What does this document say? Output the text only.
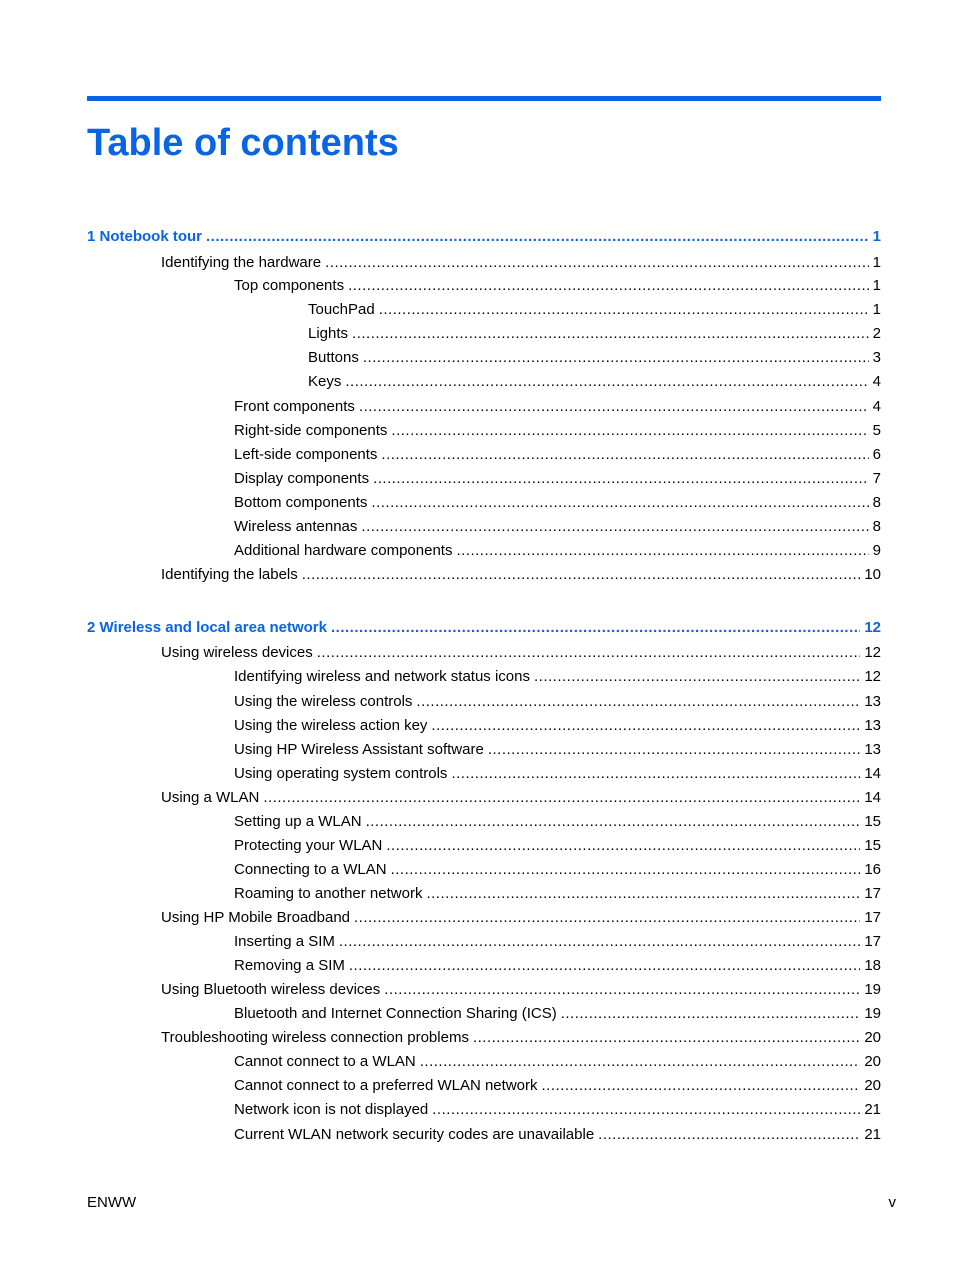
Table of contents
1 Notebook tour .....	1
Identifying the hardware .....	1
Top components .....	1
TouchPad .....	1
Lights .....	2
Buttons .....	3
Keys .....	4
Front components .....	4
Right-side components .....	5
Left-side components .....	6
Display components .....	7
Bottom components .....	8
Wireless antennas .....	8
Additional hardware components .....	9
Identifying the labels .....	10
2 Wireless and local area network .....	12
Using wireless devices .....	12
Identifying wireless and network status icons .....	12
Using the wireless controls .....	13
Using the wireless action key .....	13
Using HP Wireless Assistant software .....	13
Using operating system controls .....	14
Using a WLAN .....	14
Setting up a WLAN .....	15
Protecting your WLAN .....	15
Connecting to a WLAN .....	16
Roaming to another network .....	17
Using HP Mobile Broadband .....	17
Inserting a SIM .....	17
Removing a SIM .....	18
Using Bluetooth wireless devices .....	19
Bluetooth and Internet Connection Sharing (ICS) .....	19
Troubleshooting wireless connection problems .....	20
Cannot connect to a WLAN .....	20
Cannot connect to a preferred WLAN network .....	20
Network icon is not displayed .....	21
Current WLAN network security codes are unavailable .....	21
ENWW	v
